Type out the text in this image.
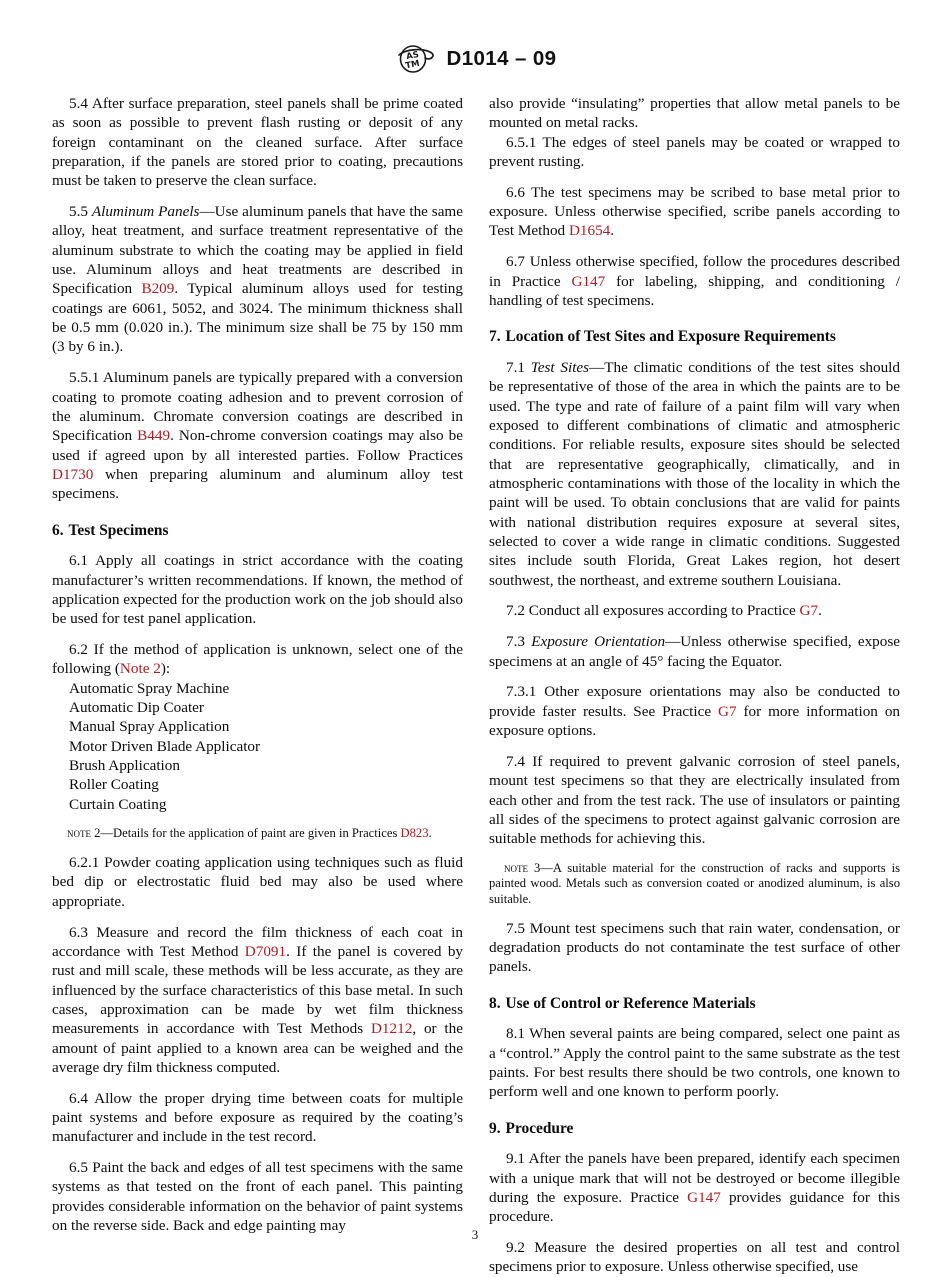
AS
TM D1014 – 09

5.4 After surface preparation, steel panels shall be prime coated as soon as possible to prevent flash rusting or deposit of any foreign contaminant on the cleaned surface. After surface preparation, if the panels are stored prior to coating, precautions must be taken to preserve the clean surface.

5.5 Aluminum Panels—Use aluminum panels that have the same alloy, heat treatment, and surface treatment representative of the aluminum substrate to which the coating may be applied in field use. Aluminum alloys and heat treatments are described in Specification B209. Typical aluminum alloys used for testing coatings are 6061, 5052, and 3024. The minimum thickness shall be 0.5 mm (0.020 in.). The minimum size shall be 75 by 150 mm (3 by 6 in.).

5.5.1 Aluminum panels are typically prepared with a conversion coating to promote coating adhesion and to prevent corrosion of the aluminum. Chromate conversion coatings are described in Specification B449. Non-chrome conversion coatings may also be used if agreed upon by all interested parties. Follow Practices D1730 when preparing aluminum and aluminum alloy test specimens.

6. Test Specimens

6.1 Apply all coatings in strict accordance with the coating manufacturer’s written recommendations. If known, the method of application expected for the production work on the job should also be used for test panel application.

6.2 If the method of application is unknown, select one of the following (Note 2):

Automatic Spray Machine
Automatic Dip Coater
Manual Spray Application
Motor Driven Blade Applicator
Brush Application
Roller Coating
Curtain Coating

note 2—Details for the application of paint are given in Practices D823.

6.2.1 Powder coating application using techniques such as fluid bed dip or electrostatic fluid bed may also be used where appropriate.

6.3 Measure and record the film thickness of each coat in accordance with Test Method D7091. If the panel is covered by rust and mill scale, these methods will be less accurate, as they are influenced by the surface characteristics of this base metal. In such cases, approximation can be made by wet film thickness measurements in accordance with Test Methods D1212, or the amount of paint applied to a known area can be weighed and the average dry film thickness computed.

6.4 Allow the proper drying time between coats for multiple paint systems and before exposure as required by the coating’s manufacturer and include in the test record.

6.5 Paint the back and edges of all test specimens with the same systems as that tested on the front of each panel. This painting provides considerable information on the behavior of paint systems on the reverse side. Back and edge painting may

also provide “insulating” properties that allow metal panels to be mounted on metal racks.

6.5.1 The edges of steel panels may be coated or wrapped to prevent rusting.

6.6 The test specimens may be scribed to base metal prior to exposure. Unless otherwise specified, scribe panels according to Test Method D1654.

6.7 Unless otherwise specified, follow the procedures described in Practice G147 for labeling, shipping, and conditioning / handling of test specimens.

7. Location of Test Sites and Exposure Requirements

7.1 Test Sites—The climatic conditions of the test sites should be representative of those of the area in which the paints are to be used. The type and rate of failure of a paint film will vary when exposed to different combinations of climatic and atmospheric conditions. For reliable results, exposure sites should be selected that are representative geographically, climatically, and in atmospheric contaminations with those of the locality in which the paint will be used. To obtain conclusions that are valid for paints with national distribution requires exposure at several sites, selected to cover a wide range in climatic conditions. Suggested sites include south Florida, Great Lakes region, hot desert southwest, the northeast, and extreme southern Louisiana.

7.2 Conduct all exposures according to Practice G7.

7.3 Exposure Orientation—Unless otherwise specified, expose specimens at an angle of 45° facing the Equator.

7.3.1 Other exposure orientations may also be conducted to provide faster results. See Practice G7 for more information on exposure options.

7.4 If required to prevent galvanic corrosion of steel panels, mount test specimens so that they are electrically insulated from each other and from the test rack. The use of insulators or painting all sides of the specimens to protect against galvanic corrosion are suitable methods for achieving this.

note 3—A suitable material for the construction of racks and supports is painted wood. Metals such as conversion coated or anodized aluminum, is also suitable.

7.5 Mount test specimens such that rain water, condensation, or degradation products do not contaminate the test surface of other panels.

8. Use of Control or Reference Materials

8.1 When several paints are being compared, select one paint as a “control.” Apply the control paint to the same substrate as the test paints. For best results there should be two controls, one known to perform well and one known to perform poorly.

9. Procedure

9.1 After the panels have been prepared, identify each specimen with a unique mark that will not be destroyed or become illegible during the exposure. Practice G147 provides guidance for this procedure.

9.2 Measure the desired properties on all test and control specimens prior to exposure. Unless otherwise specified, use

3
